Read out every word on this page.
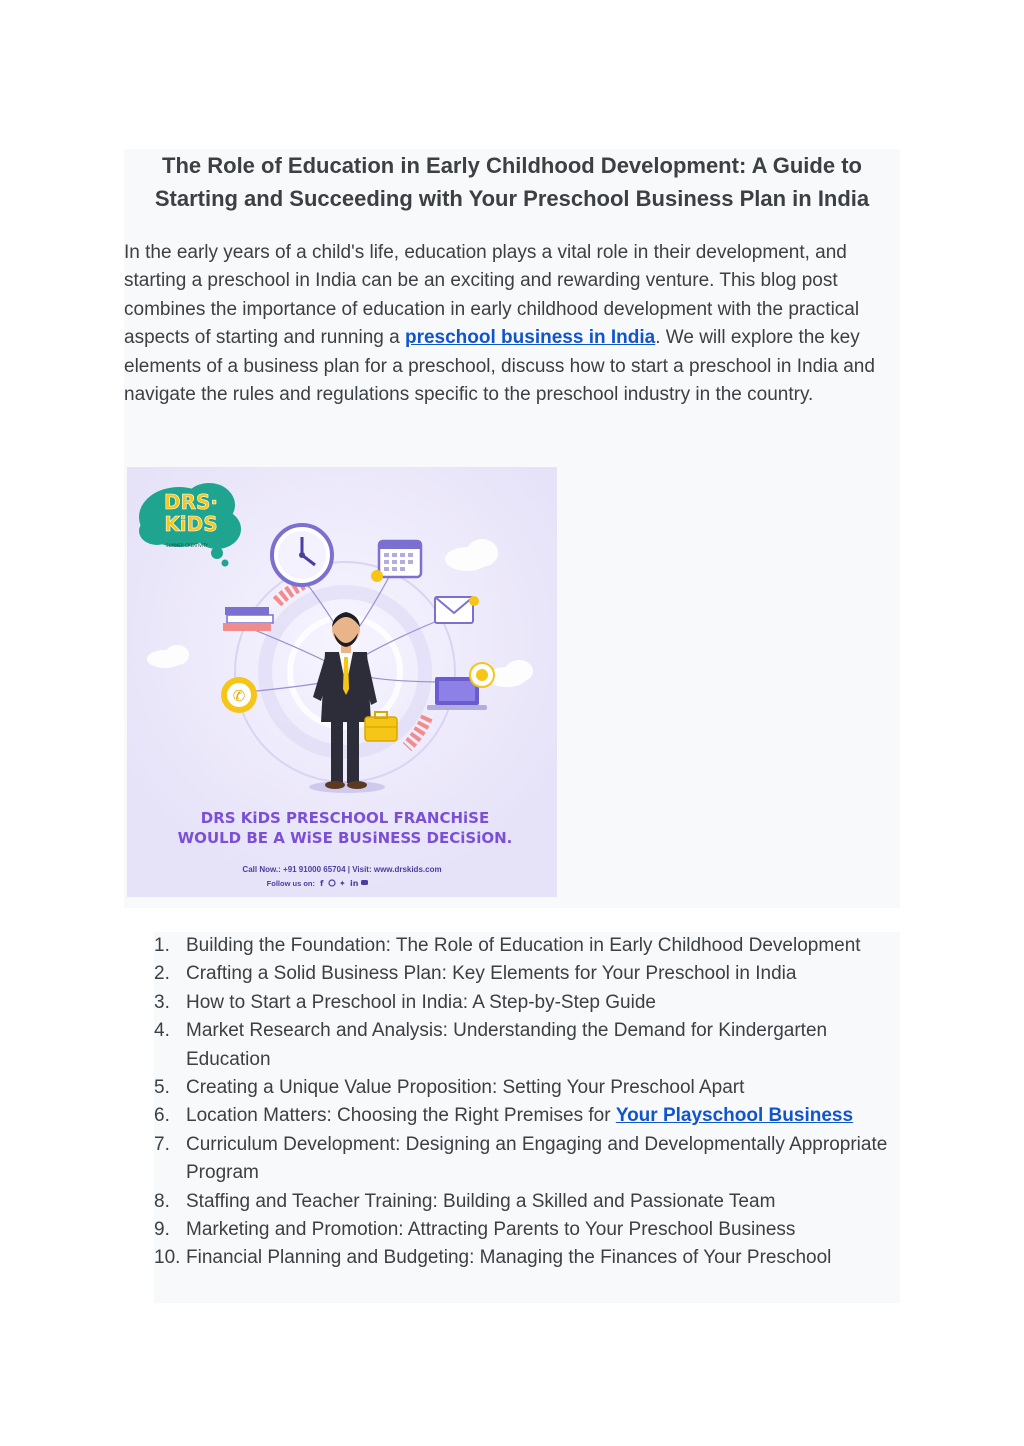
The Role of Education in Early Childhood Development: A Guide to
Starting and Succeeding with Your Preschool Business Plan in India

In the early years of a child's life, education plays a vital role in their development, and starting a preschool in India can be an exciting and rewarding venture. This blog post combines the importance of education in early childhood development with the practical aspects of starting and running a preschool business in India. We will explore the key elements of a business plan for a preschool, discuss how to start a preschool in India and navigate the rules and regulations specific to the preschool industry in the country.

DRS·
KiDS
SUMMER CREATIVITY
✆
DRS KiDS PRESCHOOL FRANCHiSE
WOULD BE A WiSE BUSiNESS DECiSiON.
Call Now.: +91 91000 65704 | Visit: www.drskids.com
Follow us on: f ✦ in
1. Building the Foundation: The Role of Education in Early Childhood Development
2. Crafting a Solid Business Plan: Key Elements for Your Preschool in India
3. How to Start a Preschool in India: A Step-by-Step Guide
4. Market Research and Analysis: Understanding the Demand for Kindergarten Education
5. Creating a Unique Value Proposition: Setting Your Preschool Apart
6. Location Matters: Choosing the Right Premises for Your Playschool Business
7. Curriculum Development: Designing an Engaging and Developmentally Appropriate Program
8. Staffing and Teacher Training: Building a Skilled and Passionate Team
9. Marketing and Promotion: Attracting Parents to Your Preschool Business
10. Financial Planning and Budgeting: Managing the Finances of Your Preschool
